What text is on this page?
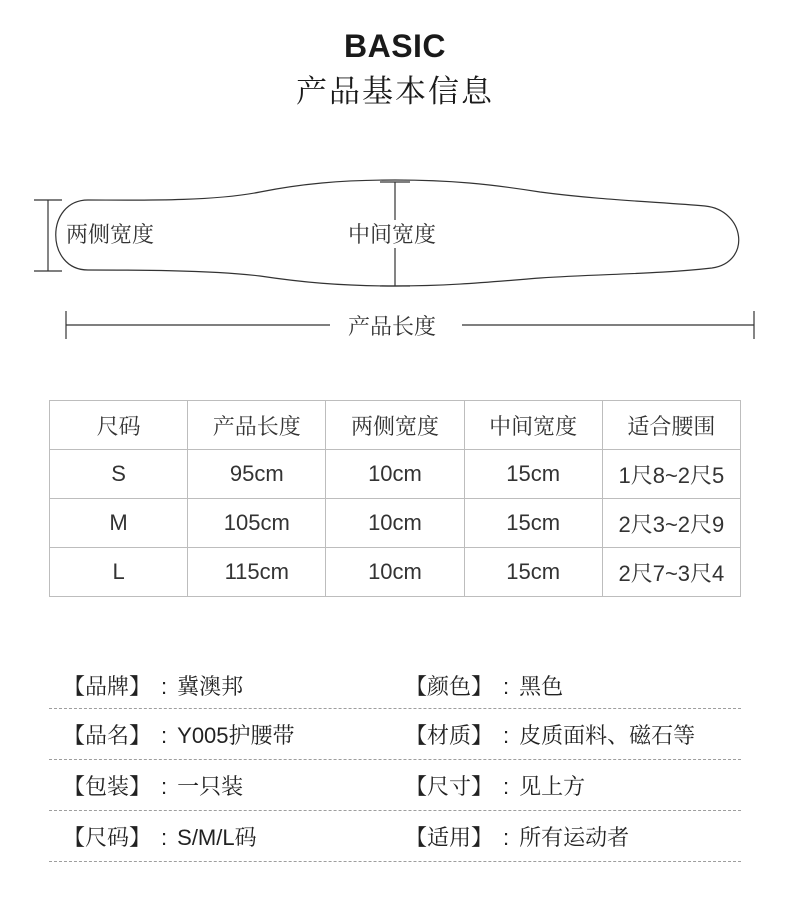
BASIC
产品基本信息
两侧宽度	中间宽度
产品长度
尺码	产品长度	两侧宽度	中间宽度	适合腰围
S	95cm	10cm	15cm	1尺8~2尺5
M	105cm	10cm	15cm	2尺3~2尺9
L	115cm	10cm	15cm	2尺7~3尺4
【品牌】 : 冀澳邦	【颜色】 : 黑色
【品名】 : Y005护腰带	【材质】 : 皮质面料、磁石等
【包装】 : 一只装	【尺寸】 : 见上方
【尺码】 : S/M/L码	【适用】 : 所有运动者
